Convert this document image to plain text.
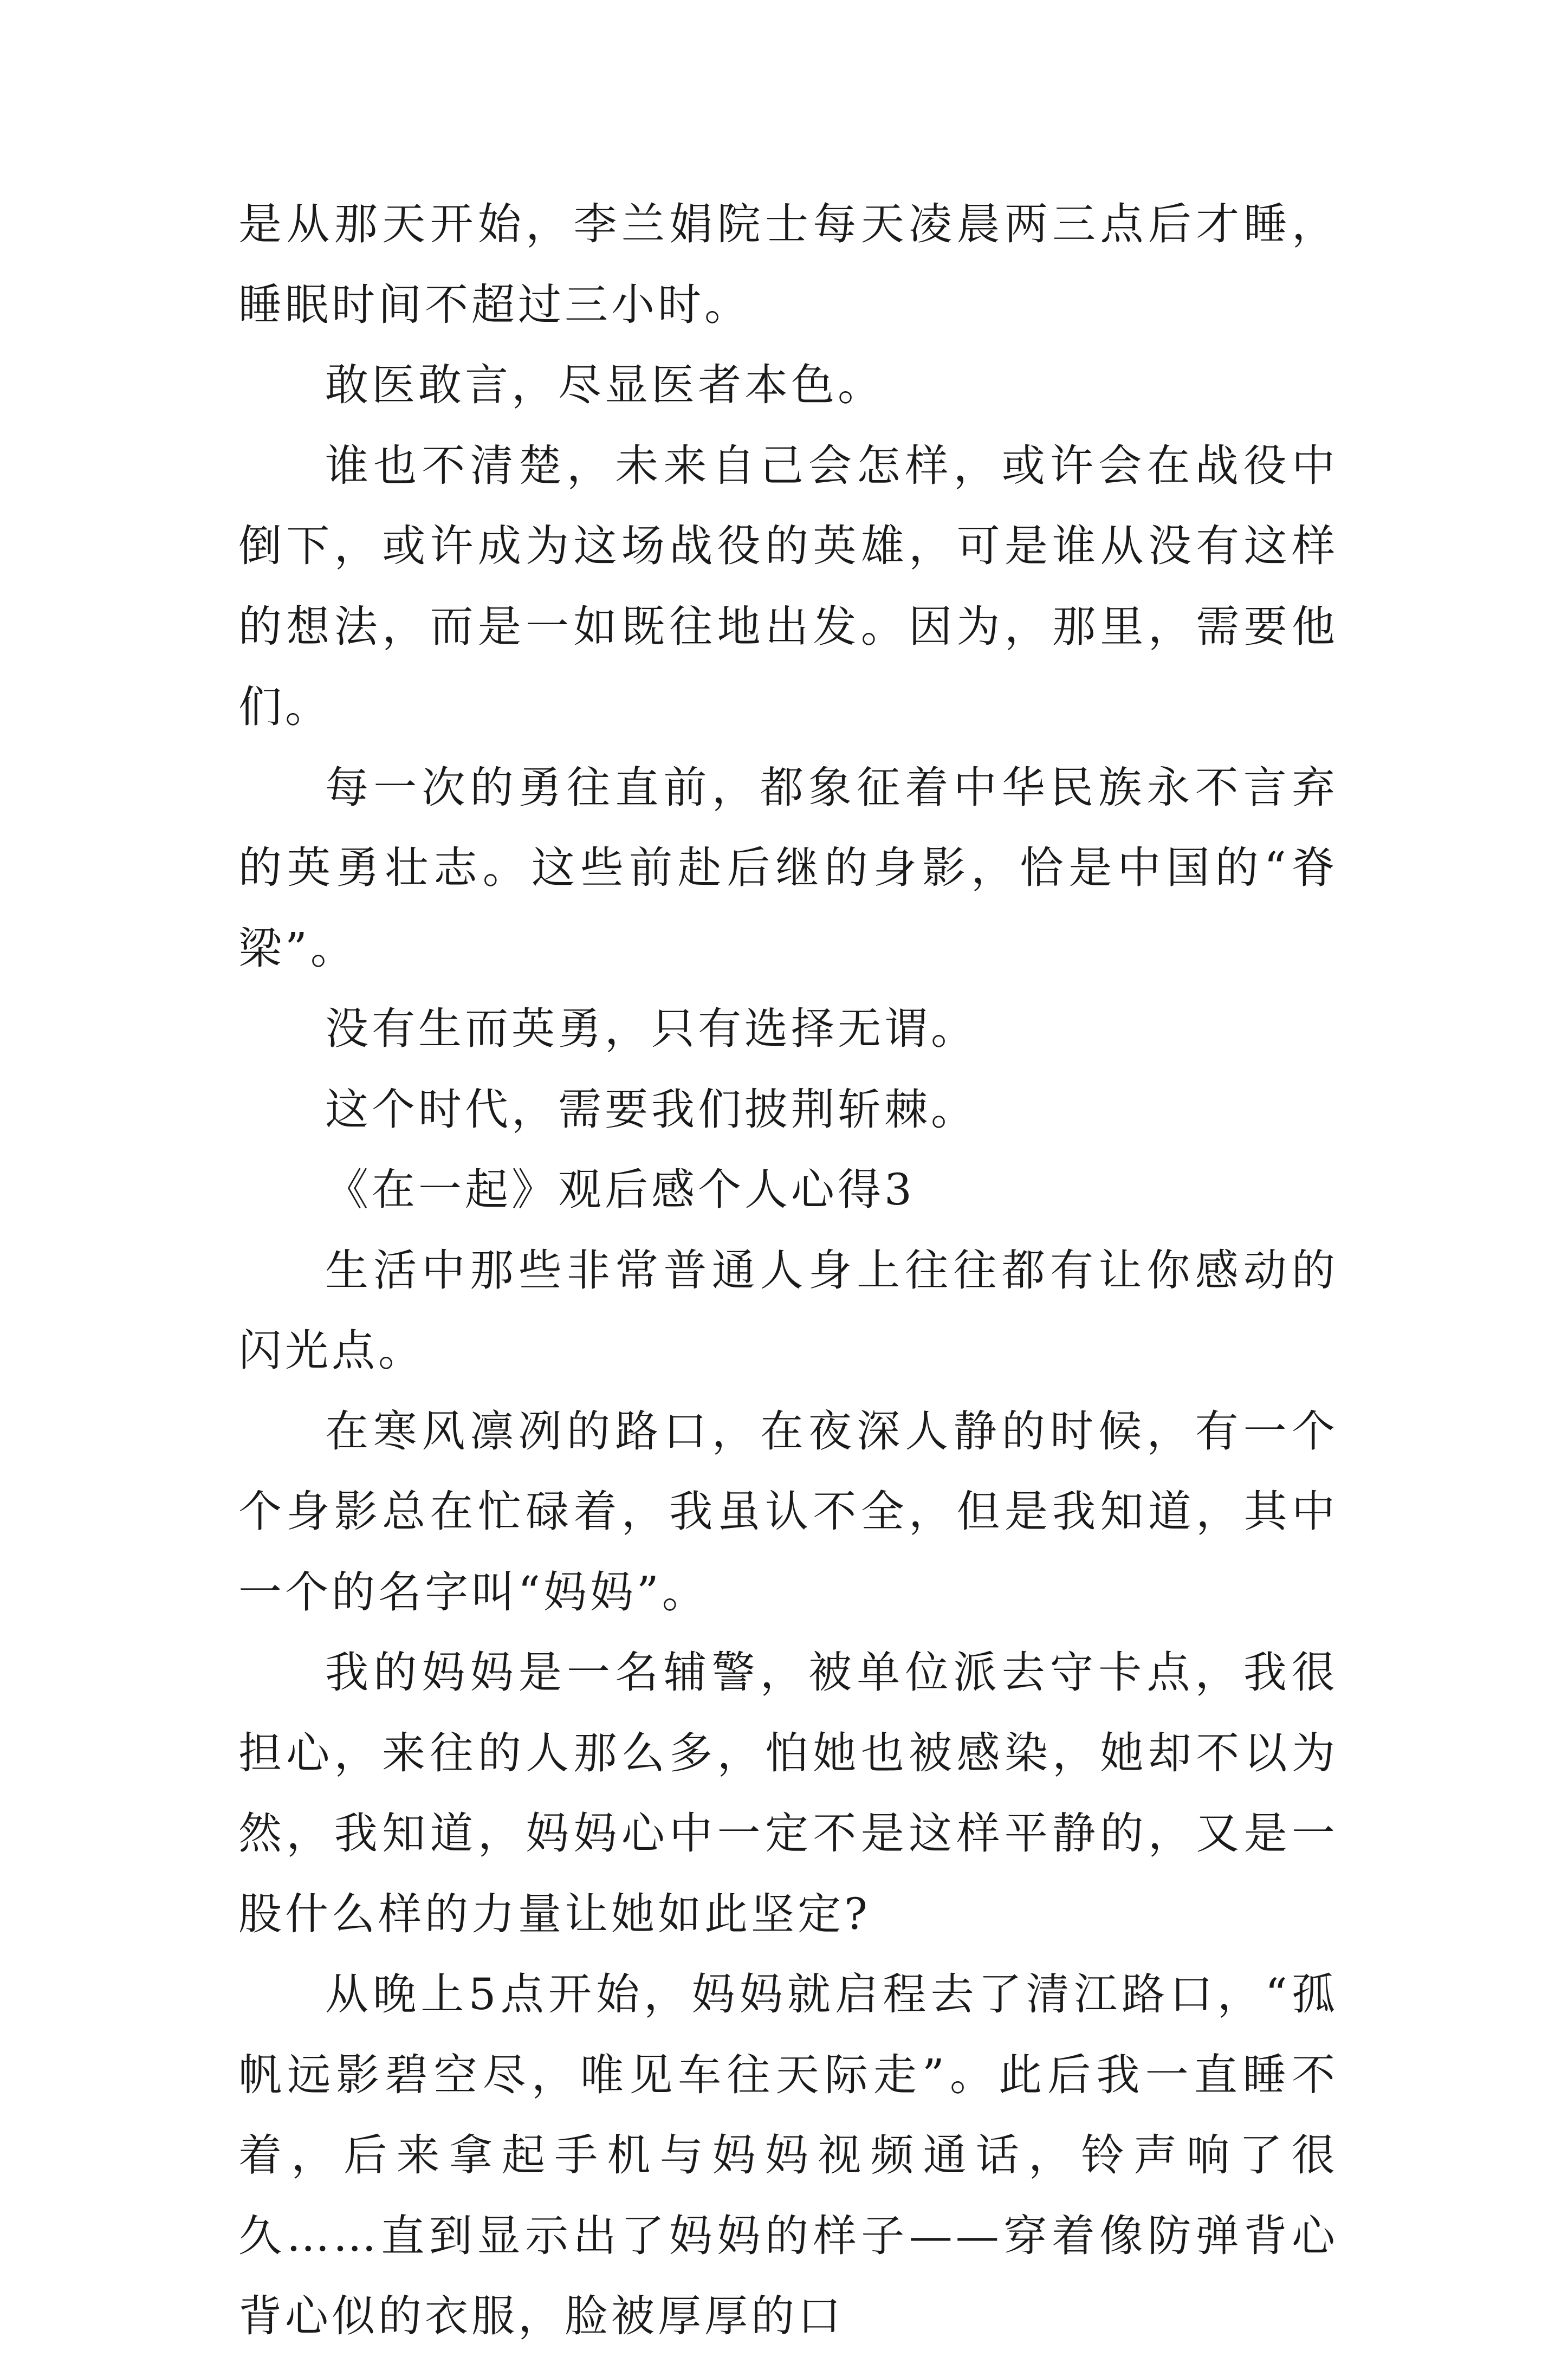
是从那天开始，李兰娟院士每天凌晨两三点后才睡，睡眠时间不超过三小时。

敢医敢言，尽显医者本色。

谁也不清楚，未来自己会怎样，或许会在战役中倒下，或许成为这场战役的英雄，可是谁从没有这样的想法，而是一如既往地出发。因为，那里，需要他们。

每一次的勇往直前，都象征着中华民族永不言弃的英勇壮志。这些前赴后继的身影，恰是中国的“脊梁”。

没有生而英勇，只有选择无谓。

这个时代，需要我们披荆斩棘。

《在一起》观后感个人心得3

生活中那些非常普通人身上往往都有让你感动的闪光点。

在寒风凛冽的路口，在夜深人静的时候，有一个个身影总在忙碌着，我虽认不全，但是我知道，其中一个的名字叫“妈妈”。

我的妈妈是一名辅警，被单位派去守卡点，我很担心，来往的人那么多，怕她也被感染，她却不以为然，我知道，妈妈心中一定不是这样平静的，又是一股什么样的力量让她如此坚定?

从晚上5点开始，妈妈就启程去了清江路口，“孤帆远影碧空尽，唯见车往天际走”。此后我一直睡不着，后来拿起手机与妈妈视频通话，铃声响了很久……直到显示出了妈妈的样子——穿着像防弹背心背心似的衣服，脸被厚厚的口
